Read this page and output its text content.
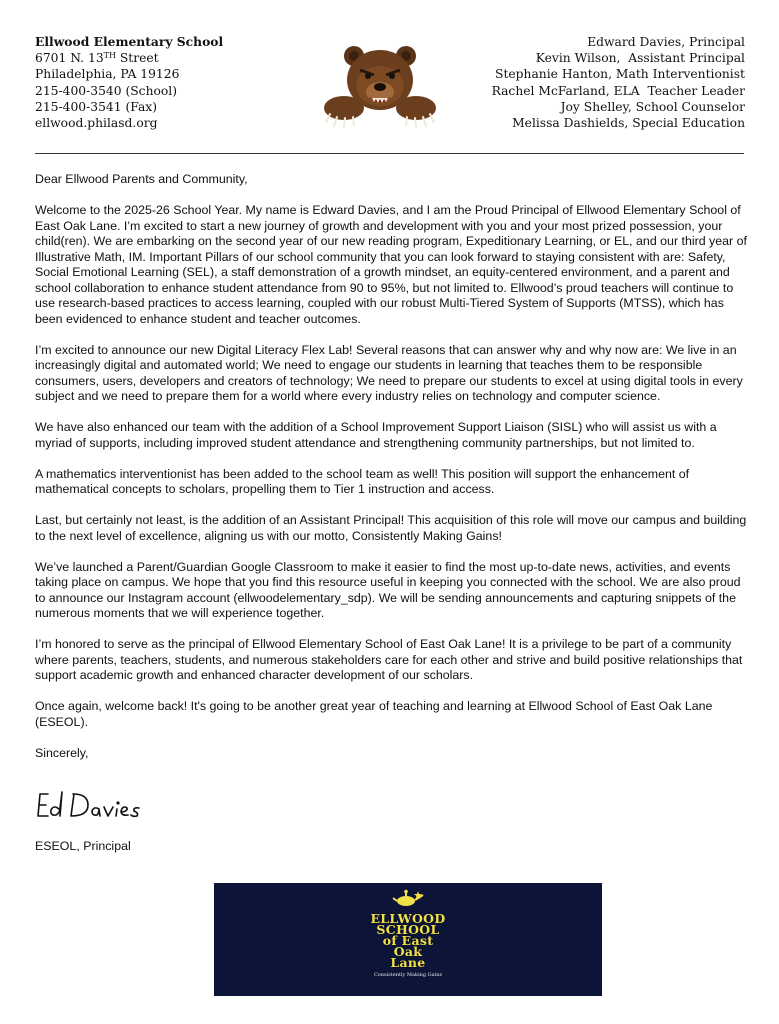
Ellwood Elementary School
6701 N. 13TH Street
Philadelphia, PA 19126
215-400-3540 (School)
215-400-3541 (Fax)
ellwood.philasd.org
Edward Davies, Principal
Kevin Wilson,  Assistant Principal
Stephanie Hanton, Math Interventionist
Rachel McFarland, ELA  Teacher Leader
Joy Shelley, School Counselor
Melissa Dashields, Special Education

Dear Ellwood Parents and Community,

Welcome to the 2025-26 School Year. My name is Edward Davies, and I am the Proud Principal of Ellwood Elementary School of East Oak Lane. I’m excited to start a new journey of growth and development with you and your most prized possession, your child(ren). We are embarking on the second year of our new reading program, Expeditionary Learning, or EL, and our third year of Illustrative Math, IM. Important Pillars of our school community that you can look forward to staying consistent with are: Safety, Social Emotional Learning (SEL), a staff demonstration of a growth mindset, an equity-centered environment, and a parent and school collaboration to enhance student attendance from 90 to 95%, but not limited to. Ellwood’s proud teachers will continue to use research-based practices to access learning, coupled with our robust Multi-Tiered System of Supports (MTSS), which has been evidenced to enhance student and teacher outcomes.

I’m excited to announce our new Digital Literacy Flex Lab! Several reasons that can answer why and why now are: We live in an increasingly digital and automated world; We need to engage our students in learning that teaches them to be responsible consumers, users, developers and creators of technology; We need to prepare our students to excel at using digital tools in every subject and we need to prepare them for a world where every industry relies on technology and computer science.

We have also enhanced our team with the addition of a School Improvement Support Liaison (SISL) who will assist us with a myriad of supports, including improved student attendance and strengthening community partnerships, but not limited to.

A mathematics interventionist has been added to the school team as well! This position will support the enhancement of mathematical concepts to scholars, propelling them to Tier 1 instruction and access.

Last, but certainly not least, is the addition of an Assistant Principal! This acquisition of this role will move our campus and building to the next level of excellence, aligning us with our motto, Consistently Making Gains!

We’ve launched a Parent/Guardian Google Classroom to make it easier to find the most up-to-date news, activities, and events taking place on campus. We hope that you find this resource useful in keeping you connected with the school. We are also proud to announce our Instagram account (ellwoodelementary_sdp). We will be sending announcements and capturing snippets of the numerous moments that we will experience together.

I’m honored to serve as the principal of Ellwood Elementary School of East Oak Lane! It is a privilege to be part of a community where parents, teachers, students, and numerous stakeholders care for each other and strive and build positive relationships that support academic growth and enhanced character development of our scholars.

Once again, welcome back! It's going to be another great year of teaching and learning at Ellwood School of East Oak Lane (ESEOL).

Sincerely,

ESEOL, Principal
ELLWOOD
SCHOOL
of East
Oak
Lane
Consistently Making Gains
